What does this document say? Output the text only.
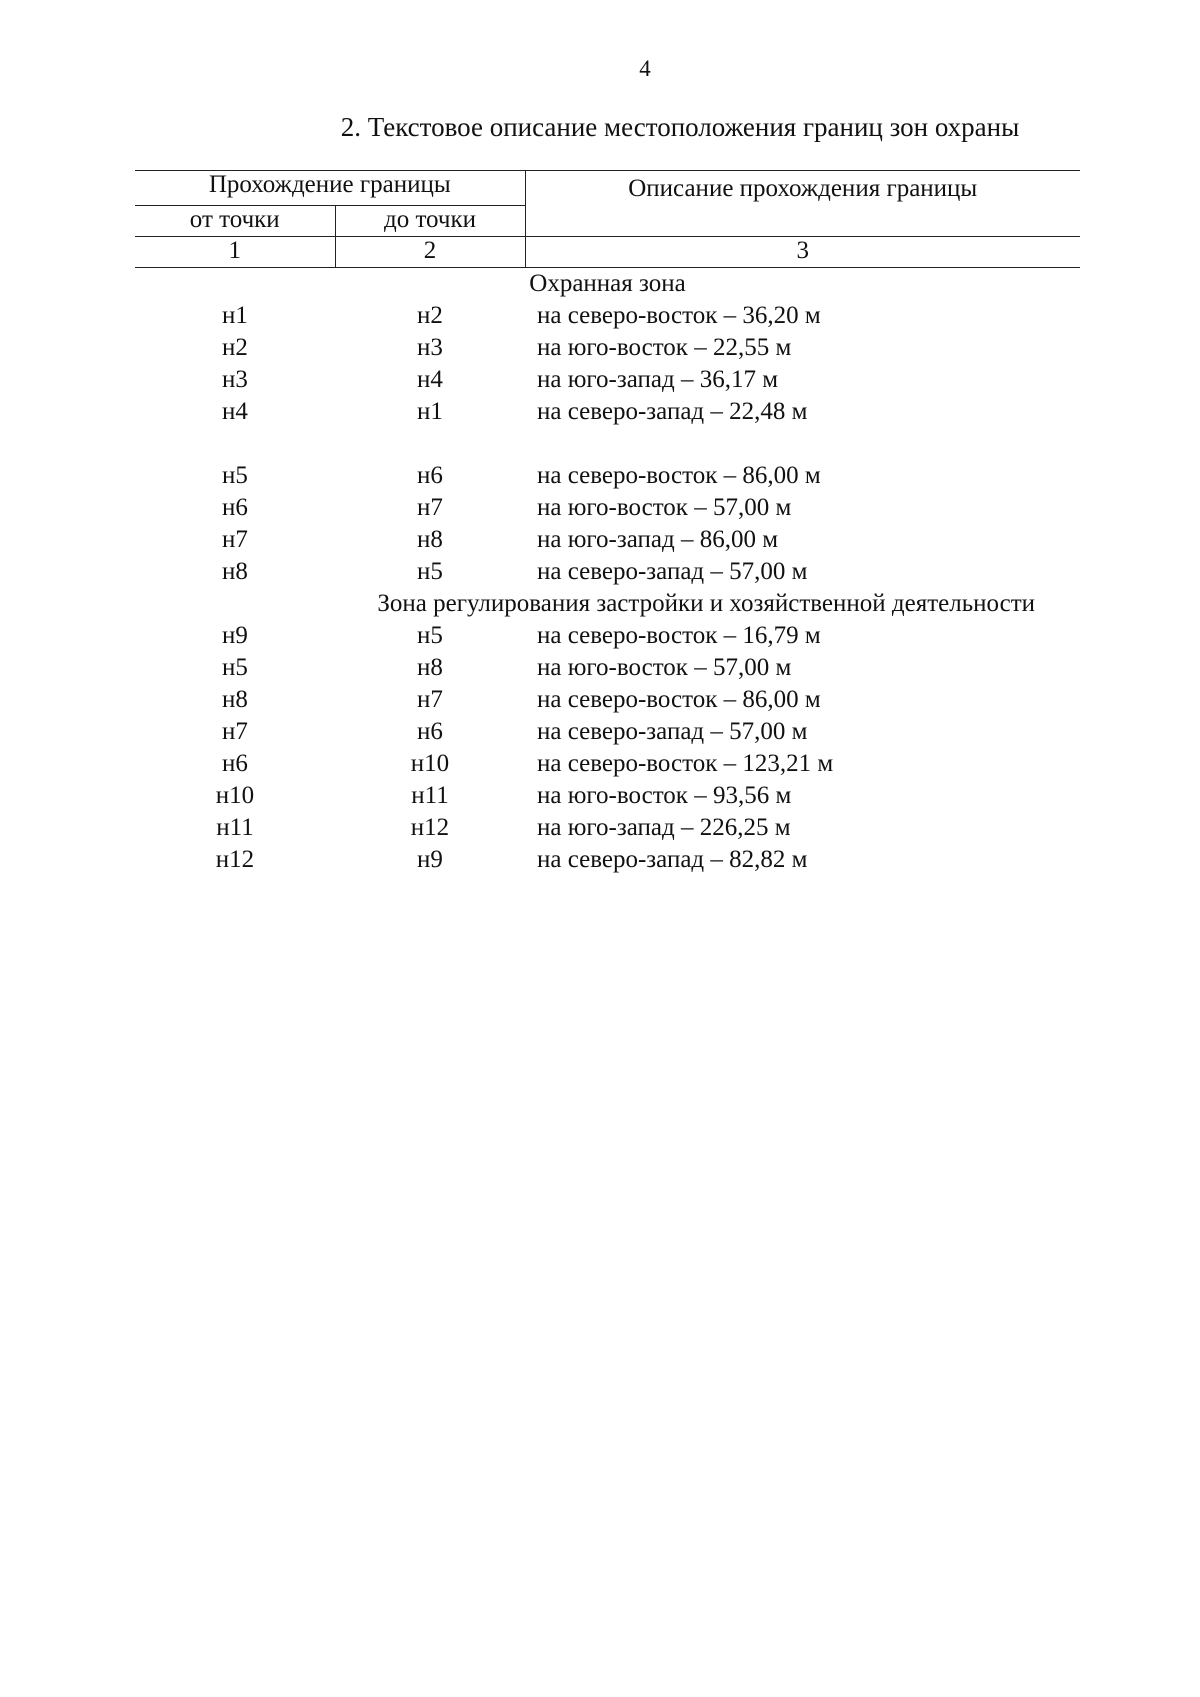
4
2. Текстовое описание местоположения границ зон охраны
Прохождение границы		Описание прохождения границы
от точки	до точки	
1	2	3
Охранная зона		
н1	н2	на северо-восток – 36,20 м
н2	н3	на юго-восток – 22,55 м
н3	н4	на юго-запад – 36,17 м
н4	н1	на северо-запад – 22,48 м

н5	н6	на северо-восток – 86,00 м
н6	н7	на юго-восток – 57,00 м
н7	н8	на юго-запад – 86,00 м
н8	н5	на северо-запад – 57,00 м
Зона регулирования застройки и хозяйственной деятельности		
н9	н5	на северо-восток – 16,79 м
н5	н8	на юго-восток – 57,00 м
н8	н7	на северо-восток – 86,00 м
н7	н6	на северо-запад – 57,00 м
н6	н10	на северо-восток – 123,21 м
н10	н11	на юго-восток – 93,56 м
н11	н12	на юго-запад – 226,25 м
н12	н9	на северо-запад – 82,82 м
